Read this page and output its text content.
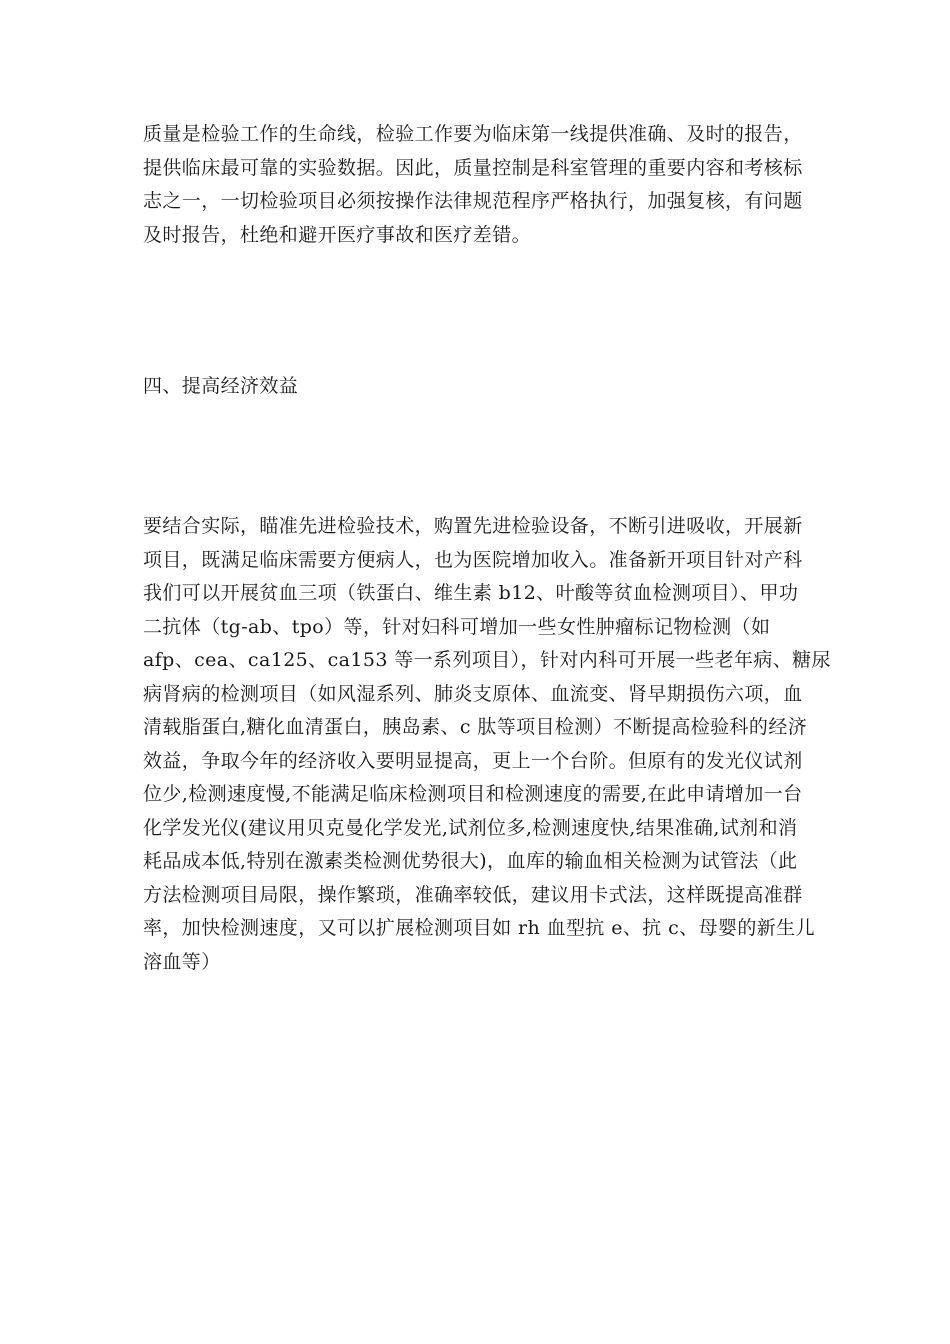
质量是检验工作的生命线，检验工作要为临床第一线提供准确、及时的报告，
提供临床最可靠的实验数据。因此，质量控制是科室管理的重要内容和考核标
志之一，一切检验项目必须按操作法律规范程序严格执行，加强复核，有问题
及时报告，杜绝和避开医疗事故和医疗差错。
四、提高经济效益
要结合实际，瞄准先进检验技术，购置先进检验设备，不断引进吸收，开展新
项目，既满足临床需要方便病人，也为医院增加收入。准备新开项目针对产科
我们可以开展贫血三项（铁蛋白、维生素 b12、叶酸等贫血检测项目）、甲功
二抗体（tg-ab、tpo）等，针对妇科可增加一些女性肿瘤标记物检测（如
afp、cea、ca125、ca153 等一系列项目），针对内科可开展一些老年病、糖尿
病肾病的检测项目（如风湿系列、肺炎支原体、血流变、肾早期损伤六项，血
清载脂蛋白,糖化血清蛋白，胰岛素、c 肽等项目检测）不断提高检验科的经济
效益，争取今年的经济收入要明显提高，更上一个台阶。但原有的发光仪试剂
位少,检测速度慢,不能满足临床检测项目和检测速度的需要,在此申请增加一台
化学发光仪(建议用贝克曼化学发光,试剂位多,检测速度快,结果准确,试剂和消
耗品成本低,特别在激素类检测优势很大)，血库的输血相关检测为试管法（此
方法检测项目局限，操作繁琐，准确率较低，建议用卡式法，这样既提高准群
率，加快检测速度，又可以扩展检测项目如 rh 血型抗 e、抗 c、母婴的新生儿
溶血等）
